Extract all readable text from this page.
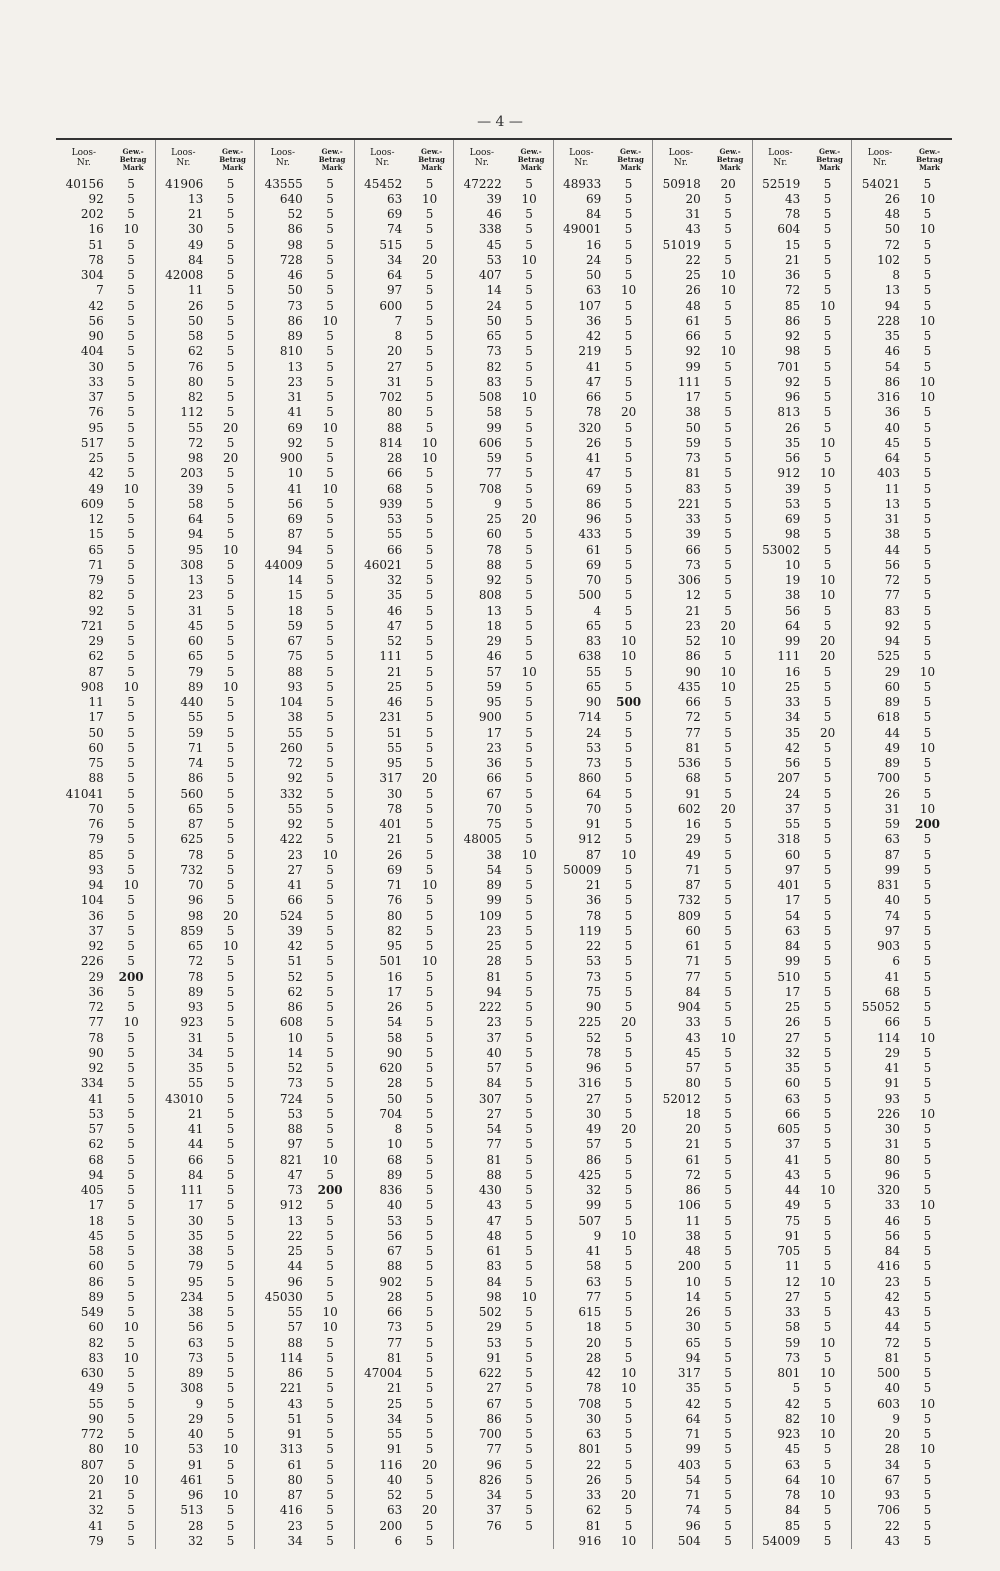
— 4 —
Loos-
Nr.
Gew.-
Betrag
Mark
40156	5
92	5
202	5
16	10
51	5
78	5
304	5
7	5
42	5
56	5
90	5
404	5
30	5
33	5
37	5
76	5
95	5
517	5
25	5
42	5
49	10
609	5
12	5
15	5
65	5
71	5
79	5
82	5
92	5
721	5
29	5
62	5
87	5
908	10
11	5
17	5
50	5
60	5
75	5
88	5
41041	5
70	5
76	5
79	5
85	5
93	5
94	10
104	5
36	5
37	5
92	5
226	5
29	200
36	5
72	5
77	10
78	5
90	5
92	5
334	5
41	5
53	5
57	5
62	5
68	5
94	5
405	5
17	5
18	5
45	5
58	5
60	5
86	5
89	5
549	5
60	10
82	5
83	10
630	5
49	5
55	5
90	5
772	5
80	10
807	5
20	10
21	5
32	5
41	5
79	5
Loos-
Nr.
Gew.-
Betrag
Mark
41906	5
13	5
21	5
30	5
49	5
84	5
42008	5
11	5
26	5
50	5
58	5
62	5
76	5
80	5
82	5
112	5
55	20
72	5
98	20
203	5
39	5
58	5
64	5
94	5
95	10
308	5
13	5
23	5
31	5
45	5
60	5
65	5
79	5
89	10
440	5
55	5
59	5
71	5
74	5
86	5
560	5
65	5
87	5
625	5
78	5
732	5
70	5
96	5
98	20
859	5
65	10
72	5
78	5
89	5
93	5
923	5
31	5
34	5
35	5
55	5
43010	5
21	5
41	5
44	5
66	5
84	5
111	5
17	5
30	5
35	5
38	5
79	5
95	5
234	5
38	5
56	5
63	5
73	5
89	5
308	5
9	5
29	5
40	5
53	10
91	5
461	5
96	10
513	5
28	5
32	5
Loos-
Nr.
Gew.-
Betrag
Mark
43555	5
640	5
52	5
86	5
98	5
728	5
46	5
50	5
73	5
86	10
89	5
810	5
13	5
23	5
31	5
41	5
69	10
92	5
900	5
10	5
41	10
56	5
69	5
87	5
94	5
44009	5
14	5
15	5
18	5
59	5
67	5
75	5
88	5
93	5
104	5
38	5
55	5
260	5
72	5
92	5
332	5
55	5
92	5
422	5
23	10
27	5
41	5
66	5
524	5
39	5
42	5
51	5
52	5
62	5
86	5
608	5
10	5
14	5
52	5
73	5
724	5
53	5
88	5
97	5
821	10
47	5
73	200
912	5
13	5
22	5
25	5
44	5
96	5
45030	5
55	10
57	10
88	5
114	5
86	5
221	5
43	5
51	5
91	5
313	5
61	5
80	5
87	5
416	5
23	5
34	5
Loos-
Nr.
Gew.-
Betrag
Mark
45452	5
63	10
69	5
74	5
515	5
34	20
64	5
97	5
600	5
7	5
8	5
20	5
27	5
31	5
702	5
80	5
88	5
814	10
28	10
66	5
68	5
939	5
53	5
55	5
66	5
46021	5
32	5
35	5
46	5
47	5
52	5
111	5
21	5
25	5
46	5
231	5
51	5
55	5
95	5
317	20
30	5
78	5
401	5
21	5
26	5
69	5
71	10
76	5
80	5
82	5
95	5
501	10
16	5
17	5
26	5
54	5
58	5
90	5
620	5
28	5
50	5
704	5
8	5
10	5
68	5
89	5
836	5
40	5
53	5
56	5
67	5
88	5
902	5
28	5
66	5
73	5
77	5
81	5
47004	5
21	5
25	5
34	5
55	5
91	5
116	20
40	5
52	5
63	20
200	5
6	5
Loos-
Nr.
Gew.-
Betrag
Mark
47222	5
39	10
46	5
338	5
45	5
53	10
407	5
14	5
24	5
50	5
65	5
73	5
82	5
83	5
508	10
58	5
99	5
606	5
59	5
77	5
708	5
9	5
25	20
60	5
78	5
88	5
92	5
808	5
13	5
18	5
29	5
46	5
57	10
59	5
95	5
900	5
17	5
23	5
36	5
66	5
67	5
70	5
75	5
48005	5
38	10
54	5
89	5
99	5
109	5
23	5
25	5
28	5
81	5
94	5
222	5
23	5
37	5
40	5
57	5
84	5
307	5
27	5
54	5
77	5
81	5
88	5
430	5
43	5
47	5
48	5
61	5
83	5
84	5
98	10
502	5
29	5
53	5
91	5
622	5
27	5
67	5
86	5
700	5
77	5
96	5
826	5
34	5
37	5
76	5
Loos-
Nr.
Gew.-
Betrag
Mark
48933	5
69	5
84	5
49001	5
16	5
24	5
50	5
63	10
107	5
36	5
42	5
219	5
41	5
47	5
66	5
78	20
320	5
26	5
41	5
47	5
69	5
86	5
96	5
433	5
61	5
69	5
70	5
500	5
4	5
65	5
83	10
638	10
55	5
65	5
90	500
714	5
24	5
53	5
73	5
860	5
64	5
70	5
91	5
912	5
87	10
50009	5
21	5
36	5
78	5
119	5
22	5
53	5
73	5
75	5
90	5
225	20
52	5
78	5
96	5
316	5
27	5
30	5
49	20
57	5
86	5
425	5
32	5
99	5
507	5
9	10
41	5
58	5
63	5
77	5
615	5
18	5
20	5
28	5
42	10
78	10
708	5
30	5
63	5
801	5
22	5
26	5
33	20
62	5
81	5
916	10
Loos-
Nr.
Gew.-
Betrag
Mark
50918	20
20	5
31	5
43	5
51019	5
22	5
25	10
26	10
48	5
61	5
66	5
92	10
99	5
111	5
17	5
38	5
50	5
59	5
73	5
81	5
83	5
221	5
33	5
39	5
66	5
73	5
306	5
12	5
21	5
23	20
52	10
86	5
90	10
435	10
66	5
72	5
77	5
81	5
536	5
68	5
91	5
602	20
16	5
29	5
49	5
71	5
87	5
732	5
809	5
60	5
61	5
71	5
77	5
84	5
904	5
33	5
43	10
45	5
57	5
80	5
52012	5
18	5
20	5
21	5
61	5
72	5
86	5
106	5
11	5
38	5
48	5
200	5
10	5
14	5
26	5
30	5
65	5
94	5
317	5
35	5
42	5
64	5
71	5
99	5
403	5
54	5
71	5
74	5
96	5
504	5
Loos-
Nr.
Gew.-
Betrag
Mark
52519	5
43	5
78	5
604	5
15	5
21	5
36	5
72	5
85	10
86	5
92	5
98	5
701	5
92	5
96	5
813	5
26	5
35	10
56	5
912	10
39	5
53	5
69	5
98	5
53002	5
10	5
19	10
38	10
56	5
64	5
99	20
111	20
16	5
25	5
33	5
34	5
35	20
42	5
56	5
207	5
24	5
37	5
55	5
318	5
60	5
97	5
401	5
17	5
54	5
63	5
84	5
99	5
510	5
17	5
25	5
26	5
27	5
32	5
35	5
60	5
63	5
66	5
605	5
37	5
41	5
43	5
44	10
49	5
75	5
91	5
705	5
11	5
12	10
27	5
33	5
58	5
59	10
73	5
801	10
5	5
42	5
82	10
923	10
45	5
63	5
64	10
78	10
84	5
85	5
54009	5
Loos-
Nr.
Gew.-
Betrag
Mark
54021	5
26	10
48	5
50	10
72	5
102	5
8	5
13	5
94	5
228	10
35	5
46	5
54	5
86	10
316	10
36	5
40	5
45	5
64	5
403	5
11	5
13	5
31	5
38	5
44	5
56	5
72	5
77	5
83	5
92	5
94	5
525	5
29	10
60	5
89	5
618	5
44	5
49	10
89	5
700	5
26	5
31	10
59	200
63	5
87	5
99	5
831	5
40	5
74	5
97	5
903	5
6	5
41	5
68	5
55052	5
66	5
114	10
29	5
41	5
91	5
93	5
226	10
30	5
31	5
80	5
96	5
320	5
33	10
46	5
56	5
84	5
416	5
23	5
42	5
43	5
44	5
72	5
81	5
500	5
40	5
603	10
9	5
20	5
28	10
34	5
67	5
93	5
706	5
22	5
43	5
